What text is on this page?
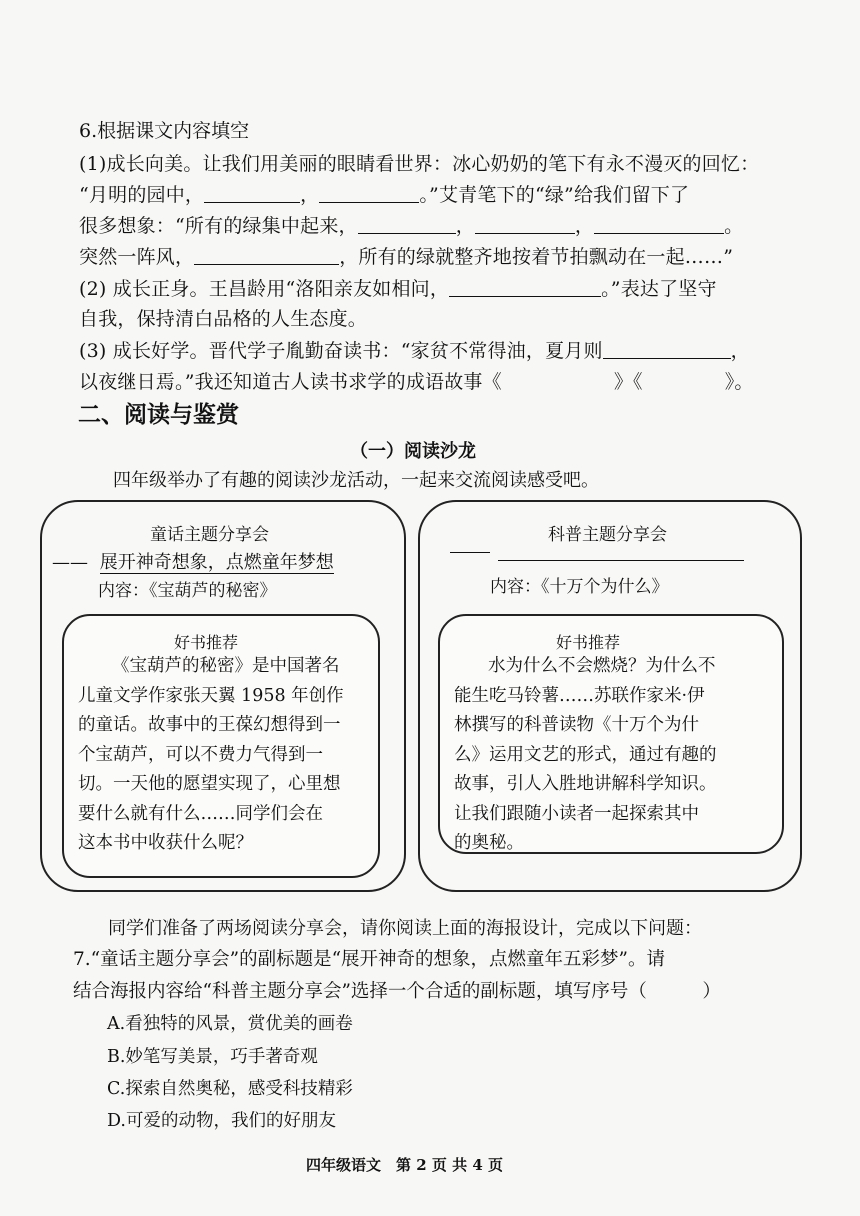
6.根据课文内容填空
(1)成长向美。让我们用美丽的眼睛看世界：冰心奶奶的笔下有永不漫灭的回忆：
“月明的园中，	，	。”艾青笔下的“绿”给我们留下了
很多想象：“所有的绿集中起来，	，	，	。
突然一阵风，	，所有的绿就整齐地按着节拍飘动在一起……”
(2) 成长正身。王昌龄用“洛阳亲友如相问，	。”表达了坚守
自我，保持清白品格的人生态度。
(3) 成长好学。晋代学子胤勤奋读书：“家贫不常得油，夏月则	，
以夜继日焉。”我还知道古人读书求学的成语故事《	》《	》。
二、阅读与鉴赏
（一）阅读沙龙
四年级举办了有趣的阅读沙龙活动，一起来交流阅读感受吧。
童话主题分享会
—— 展开神奇想象，点燃童年梦想
内容：《宝葫芦的秘密》
好书推荐
《宝葫芦的秘密》是中国著名
儿童文学作家张天翼 1958 年创作
的童话。故事中的王葆幻想得到一
个宝葫芦，可以不费力气得到一
切。一天他的愿望实现了，心里想
要什么就有什么……同学们会在
这本书中收获什么呢？
科普主题分享会
内容：《十万个为什么》
好书推荐
水为什么不会燃烧？为什么不
能生吃马铃薯……苏联作家米·伊
林撰写的科普读物《十万个为什
么》运用文艺的形式，通过有趣的
故事，引人入胜地讲解科学知识。
让我们跟随小读者一起探索其中
的奥秘。
同学们准备了两场阅读分享会，请你阅读上面的海报设计，完成以下问题：
7.“童话主题分享会”的副标题是“展开神奇的想象，点燃童年五彩梦”。请
结合海报内容给“科普主题分享会”选择一个合适的副标题，填写序号（　　　）
A.看独特的风景，赏优美的画卷
B.妙笔写美景，巧手著奇观
C.探索自然奥秘，感受科技精彩
D.可爱的动物，我们的好朋友
四年级语文　第 2 页 共 4 页
